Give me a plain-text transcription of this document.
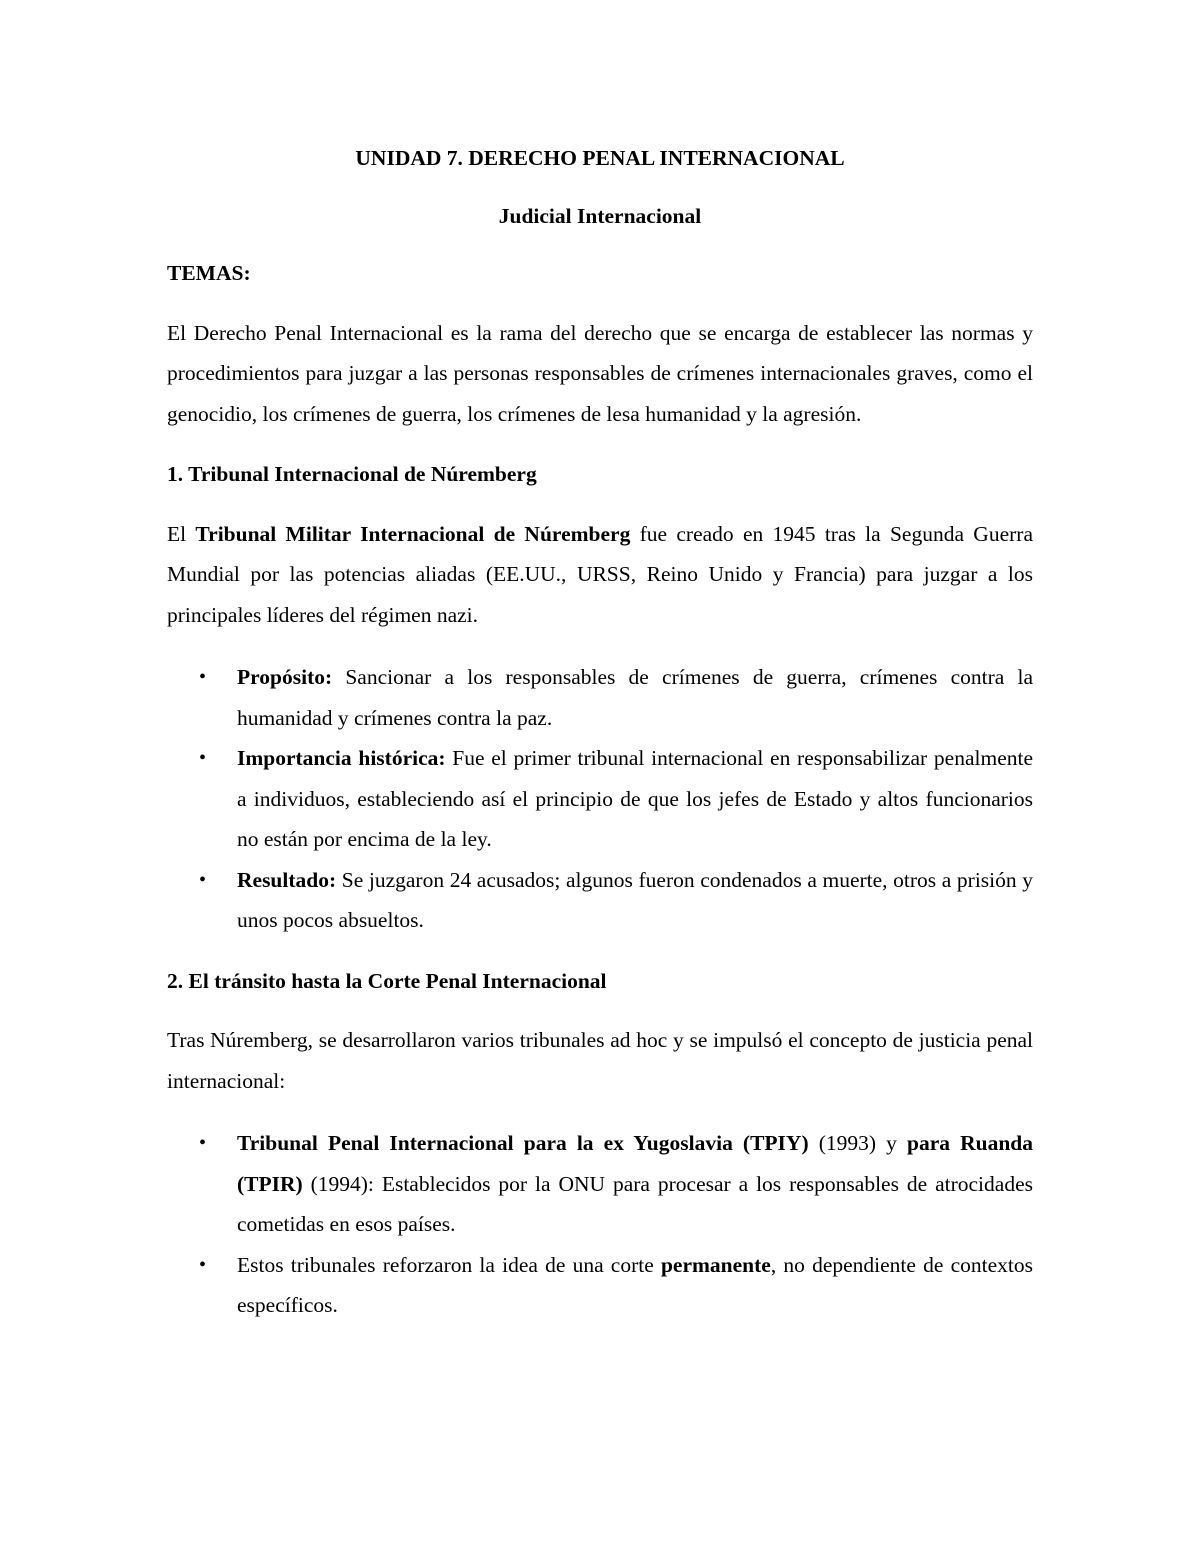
UNIDAD 7. DERECHO PENAL INTERNACIONAL
Judicial Internacional
TEMAS:

El Derecho Penal Internacional es la rama del derecho que se encarga de establecer las normas y procedimientos para juzgar a las personas responsables de crímenes internacionales graves, como el genocidio, los crímenes de guerra, los crímenes de lesa humanidad y la agresión.

1. Tribunal Internacional de Núremberg

El Tribunal Militar Internacional de Núremberg fue creado en 1945 tras la Segunda Guerra Mundial por las potencias aliadas (EE.UU., URSS, Reino Unido y Francia) para juzgar a los principales líderes del régimen nazi.

• Propósito: Sancionar a los responsables de crímenes de guerra, crímenes contra la humanidad y crímenes contra la paz.
• Importancia histórica: Fue el primer tribunal internacional en responsabilizar penalmente a individuos, estableciendo así el principio de que los jefes de Estado y altos funcionarios no están por encima de la ley.
• Resultado: Se juzgaron 24 acusados; algunos fueron condenados a muerte, otros a prisión y unos pocos absueltos.
2. El tránsito hasta la Corte Penal Internacional

Tras Núremberg, se desarrollaron varios tribunales ad hoc y se impulsó el concepto de justicia penal internacional:

• Tribunal Penal Internacional para la ex Yugoslavia (TPIY) (1993) y para Ruanda (TPIR) (1994): Establecidos por la ONU para procesar a los responsables de atrocidades cometidas en esos países.
• Estos tribunales reforzaron la idea de una corte permanente, no dependiente de contextos específicos.
